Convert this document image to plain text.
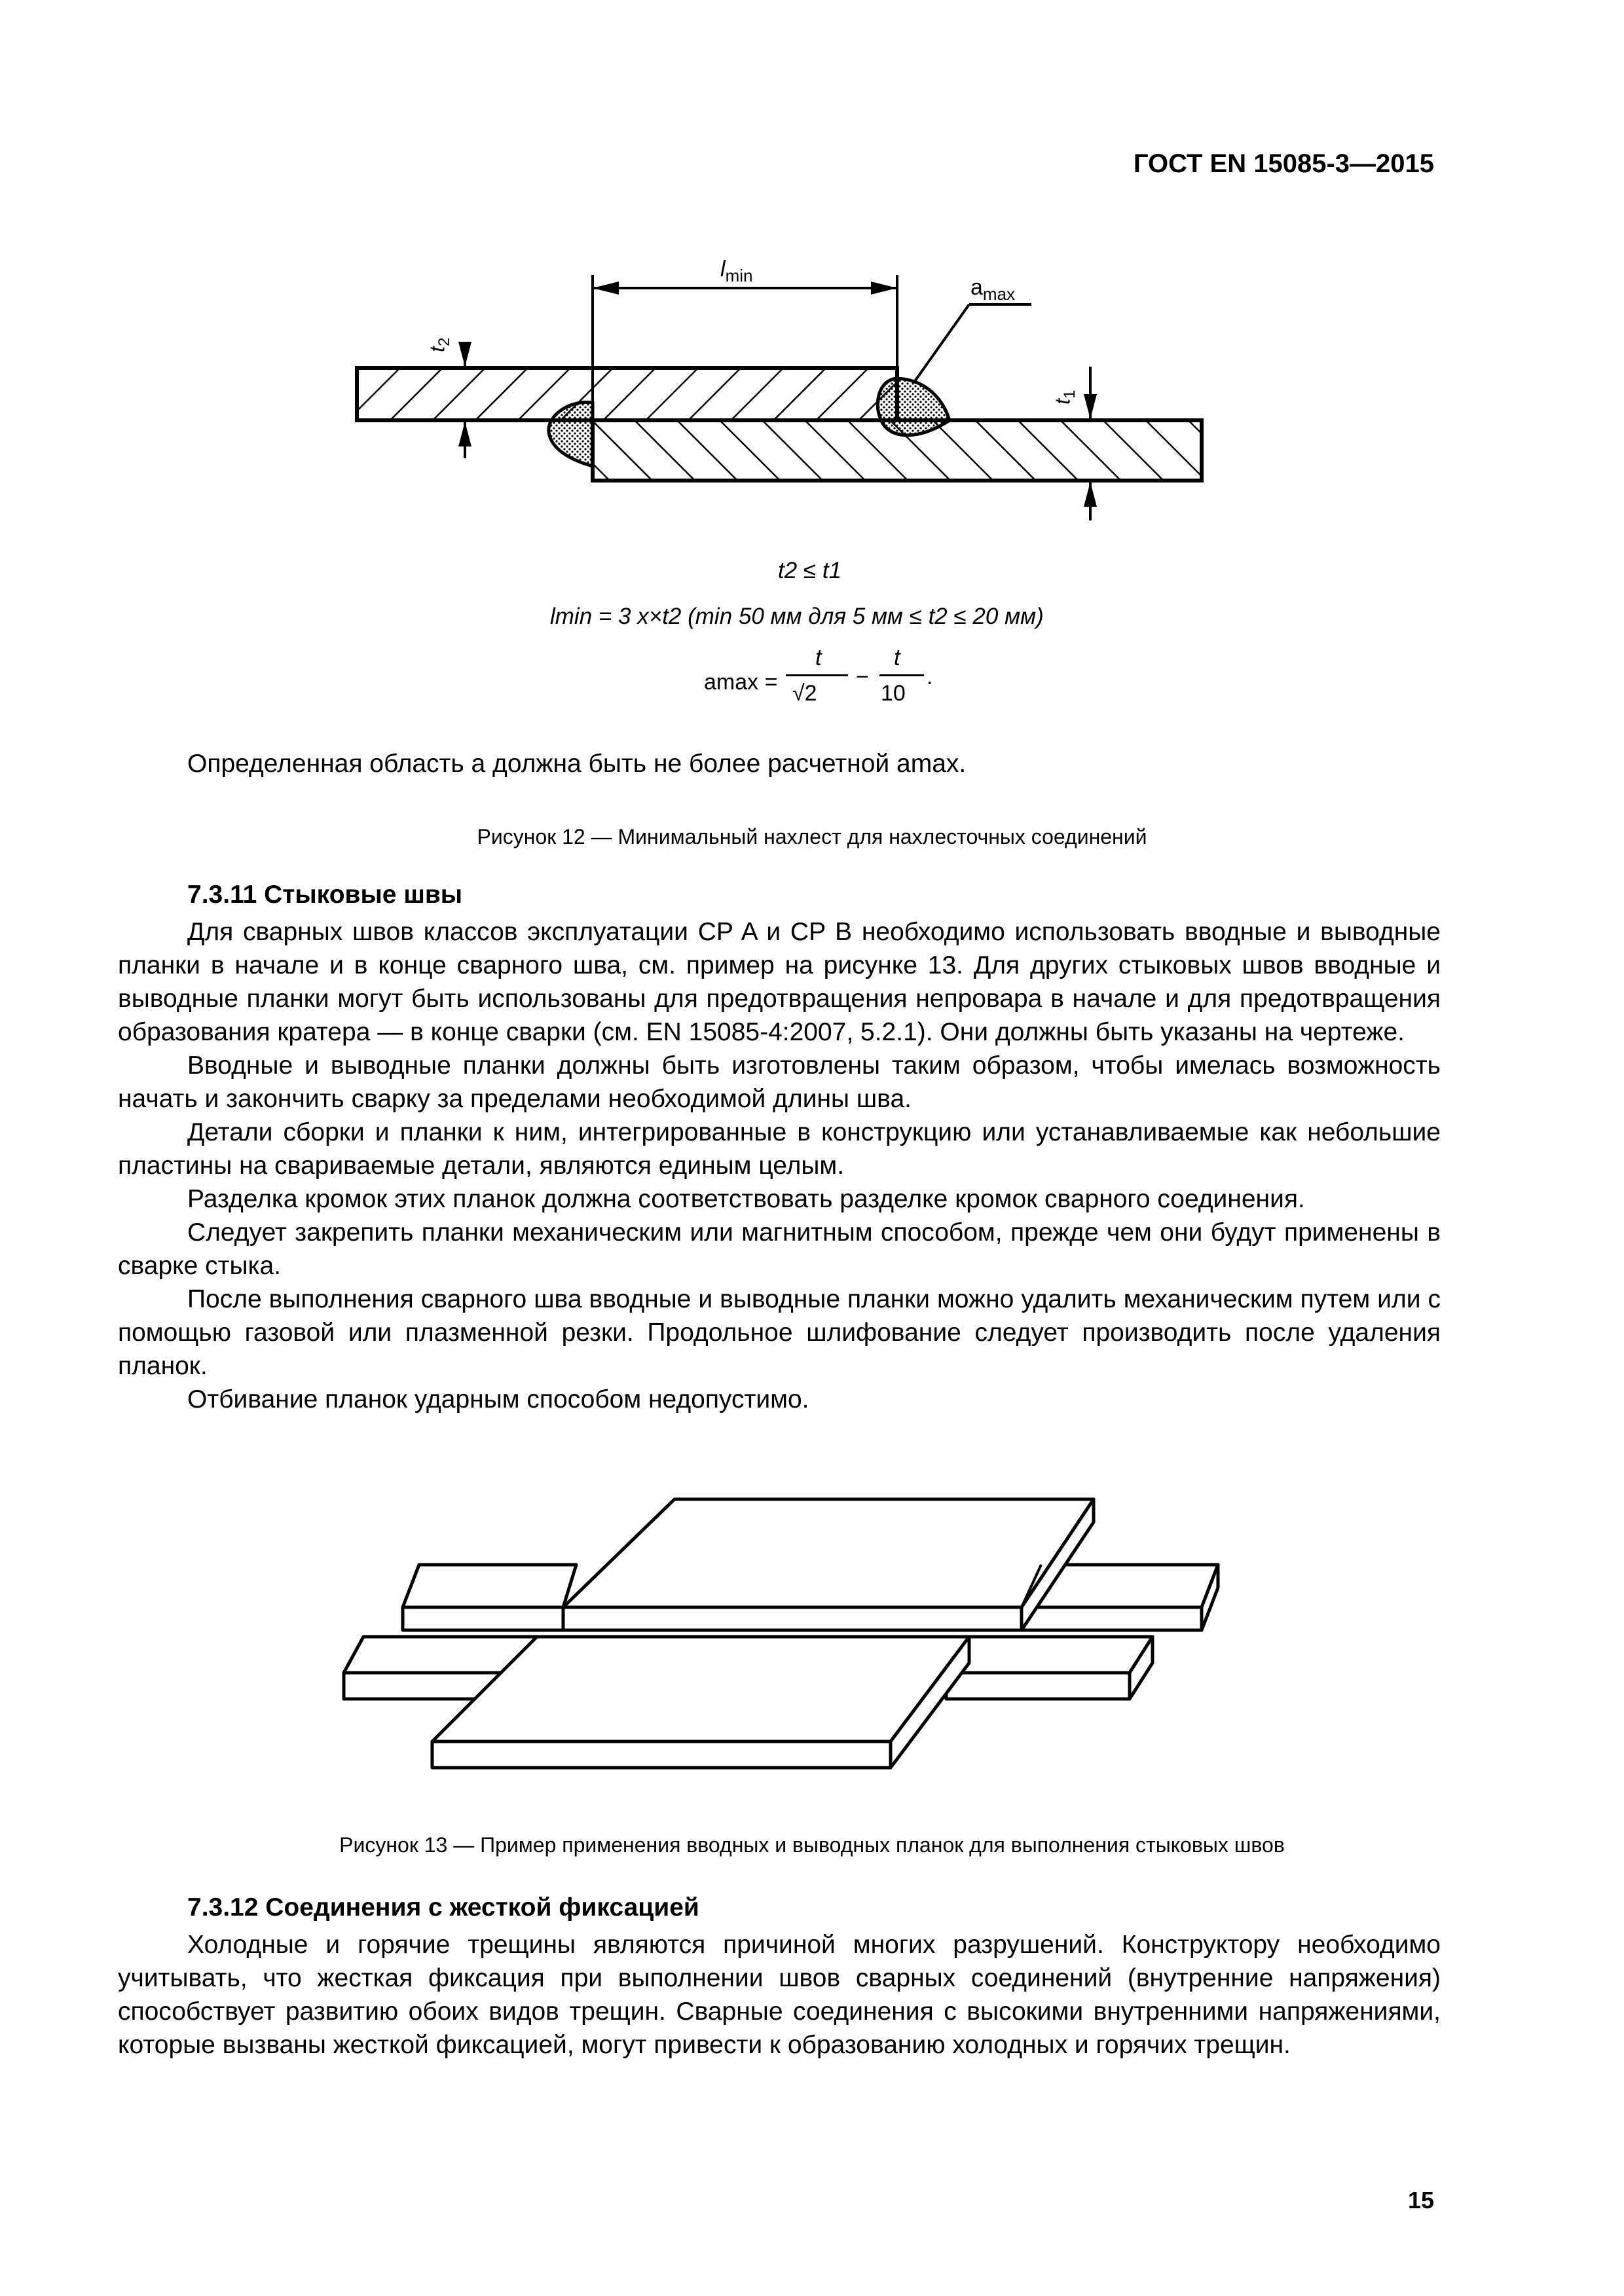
ГОСТ EN 15085-3—2015
$l_{min}$	$a_{max}$
$t_2$
$t_1$
t2 ≤ t1
lmin = 3 x×t2 (min 50 мм для 5 мм ≤ t2 ≤ 20 мм)
amax =
t
√2
−
t
10
.
Определенная область a должна быть не более расчетной amax.
Рисунок 12 — Минимальный нахлест для нахлесточных соединений
7.3.11 Стыковые швы

Для сварных швов классов эксплуатации CP A и CP B необходимо использовать вводные и выводные планки в начале и в конце сварного шва, см. пример на рисунке 13. Для других стыковых швов вводные и выводные планки могут быть использованы для предотвращения непровара в начале и для предотвращения образования кратера — в конце сварки (см. EN 15085-4:2007, 5.2.1). Они должны быть указаны на чертеже.

Вводные и выводные планки должны быть изготовлены таким образом, чтобы имелась возможность начать и закончить сварку за пределами необходимой длины шва.

Детали сборки и планки к ним, интегрированные в конструкцию или устанавливаемые как небольшие пластины на свариваемые детали, являются единым целым.

Разделка кромок этих планок должна соответствовать разделке кромок сварного соединения.

Следует закрепить планки механическим или магнитным способом, прежде чем они будут применены в сварке стыка.

После выполнения сварного шва вводные и выводные планки можно удалить механическим путем или с помощью газовой или плазменной резки. Продольное шлифование следует производить после удаления планок.

Отбивание планок ударным способом недопустимо.

Рисунок 13 — Пример применения вводных и выводных планок для выполнения стыковых швов
7.3.12 Соединения с жесткой фиксацией

Холодные и горячие трещины являются причиной многих разрушений. Конструктору необходимо учитывать, что жесткая фиксация при выполнении швов сварных соединений (внутренние напряжения) способствует развитию обоих видов трещин. Сварные соединения с высокими внутренними напряжениями, которые вызваны жесткой фиксацией, могут привести к образованию холодных и горячих трещин.

15
